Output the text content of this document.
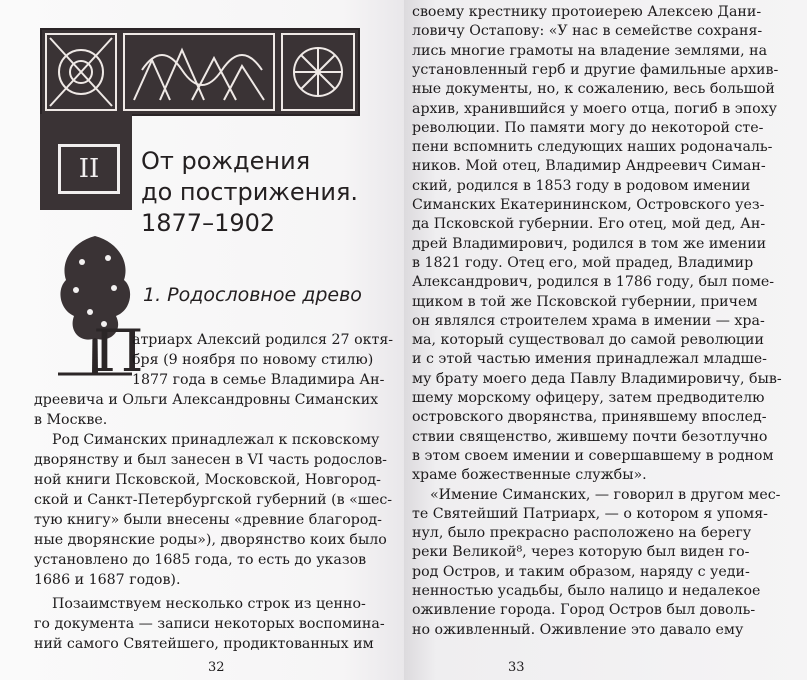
II	От рождения
до пострижения.
1877–1902
1. Родословное древо
П
атриарх Алексий родился 27 октя-
бря (9 ноября по новому стилю)
1877 года в семье Владимира Ан-
дреевича и Ольги Александровны Симанских
в Москве.
Род Симанских принадлежал к псковскому
дворянству и был занесен в VI часть родослов-
ной книги Псковской, Московской, Новгород-
ской и Санкт-Петербургской губерний (в «шес-
тую книгу» были внесены «древние благород-
ные дворянские роды»), дворянство коих было
установлено до 1685 года, то есть до указов
1686 и 1687 годов).
Позаимствуем несколько строк из ценно-
го документа — записи некоторых воспомина-
ний самого Святейшего, продиктованных им
32
своему крестнику протоиерею Алексею Дани-
ловичу Остапову: «У нас в семействе сохраня-
лись многие грамоты на владение землями, на
установленный герб и другие фамильные архив-
ные документы, но, к сожалению, весь большой
архив, хранившийся у моего отца, погиб в эпоху
революции. По памяти могу до некоторой сте-
пени вспомнить следующих наших родоначаль-
ников. Мой отец, Владимир Андреевич Симан-
ский, родился в 1853 году в родовом имении
Симанских Екатерининском, Островского уез-
да Псковской губернии. Его отец, мой дед, Ан-
дрей Владимирович, родился в том же имении
в 1821 году. Отец его, мой прадед, Владимир
Александрович, родился в 1786 году, был поме-
щиком в той же Псковской губернии, причем
он являлся строителем храма в имении — хра-
ма, который существовал до самой революции
и с этой частью имения принадлежал младше-
му брату моего деда Павлу Владимировичу, быв-
шему морскому офицеру, затем предводителю
островского дворянства, принявшему впослед-
ствии священство, жившему почти безотлучно
в этом своем имении и совершавшему в родном
храме божественные службы».
«Имение Симанских, — говорил в другом мес-
те Святейший Патриарх, — о котором я упомя-
нул, было прекрасно расположено на берегу
реки Великой⁸, через которую был виден го-
род Остров, и таким образом, наряду с уеди-
ненностью усадьбы, было налицо и недалекое
оживление города. Город Остров был доволь-
но оживленный. Оживление это давало ему
33
